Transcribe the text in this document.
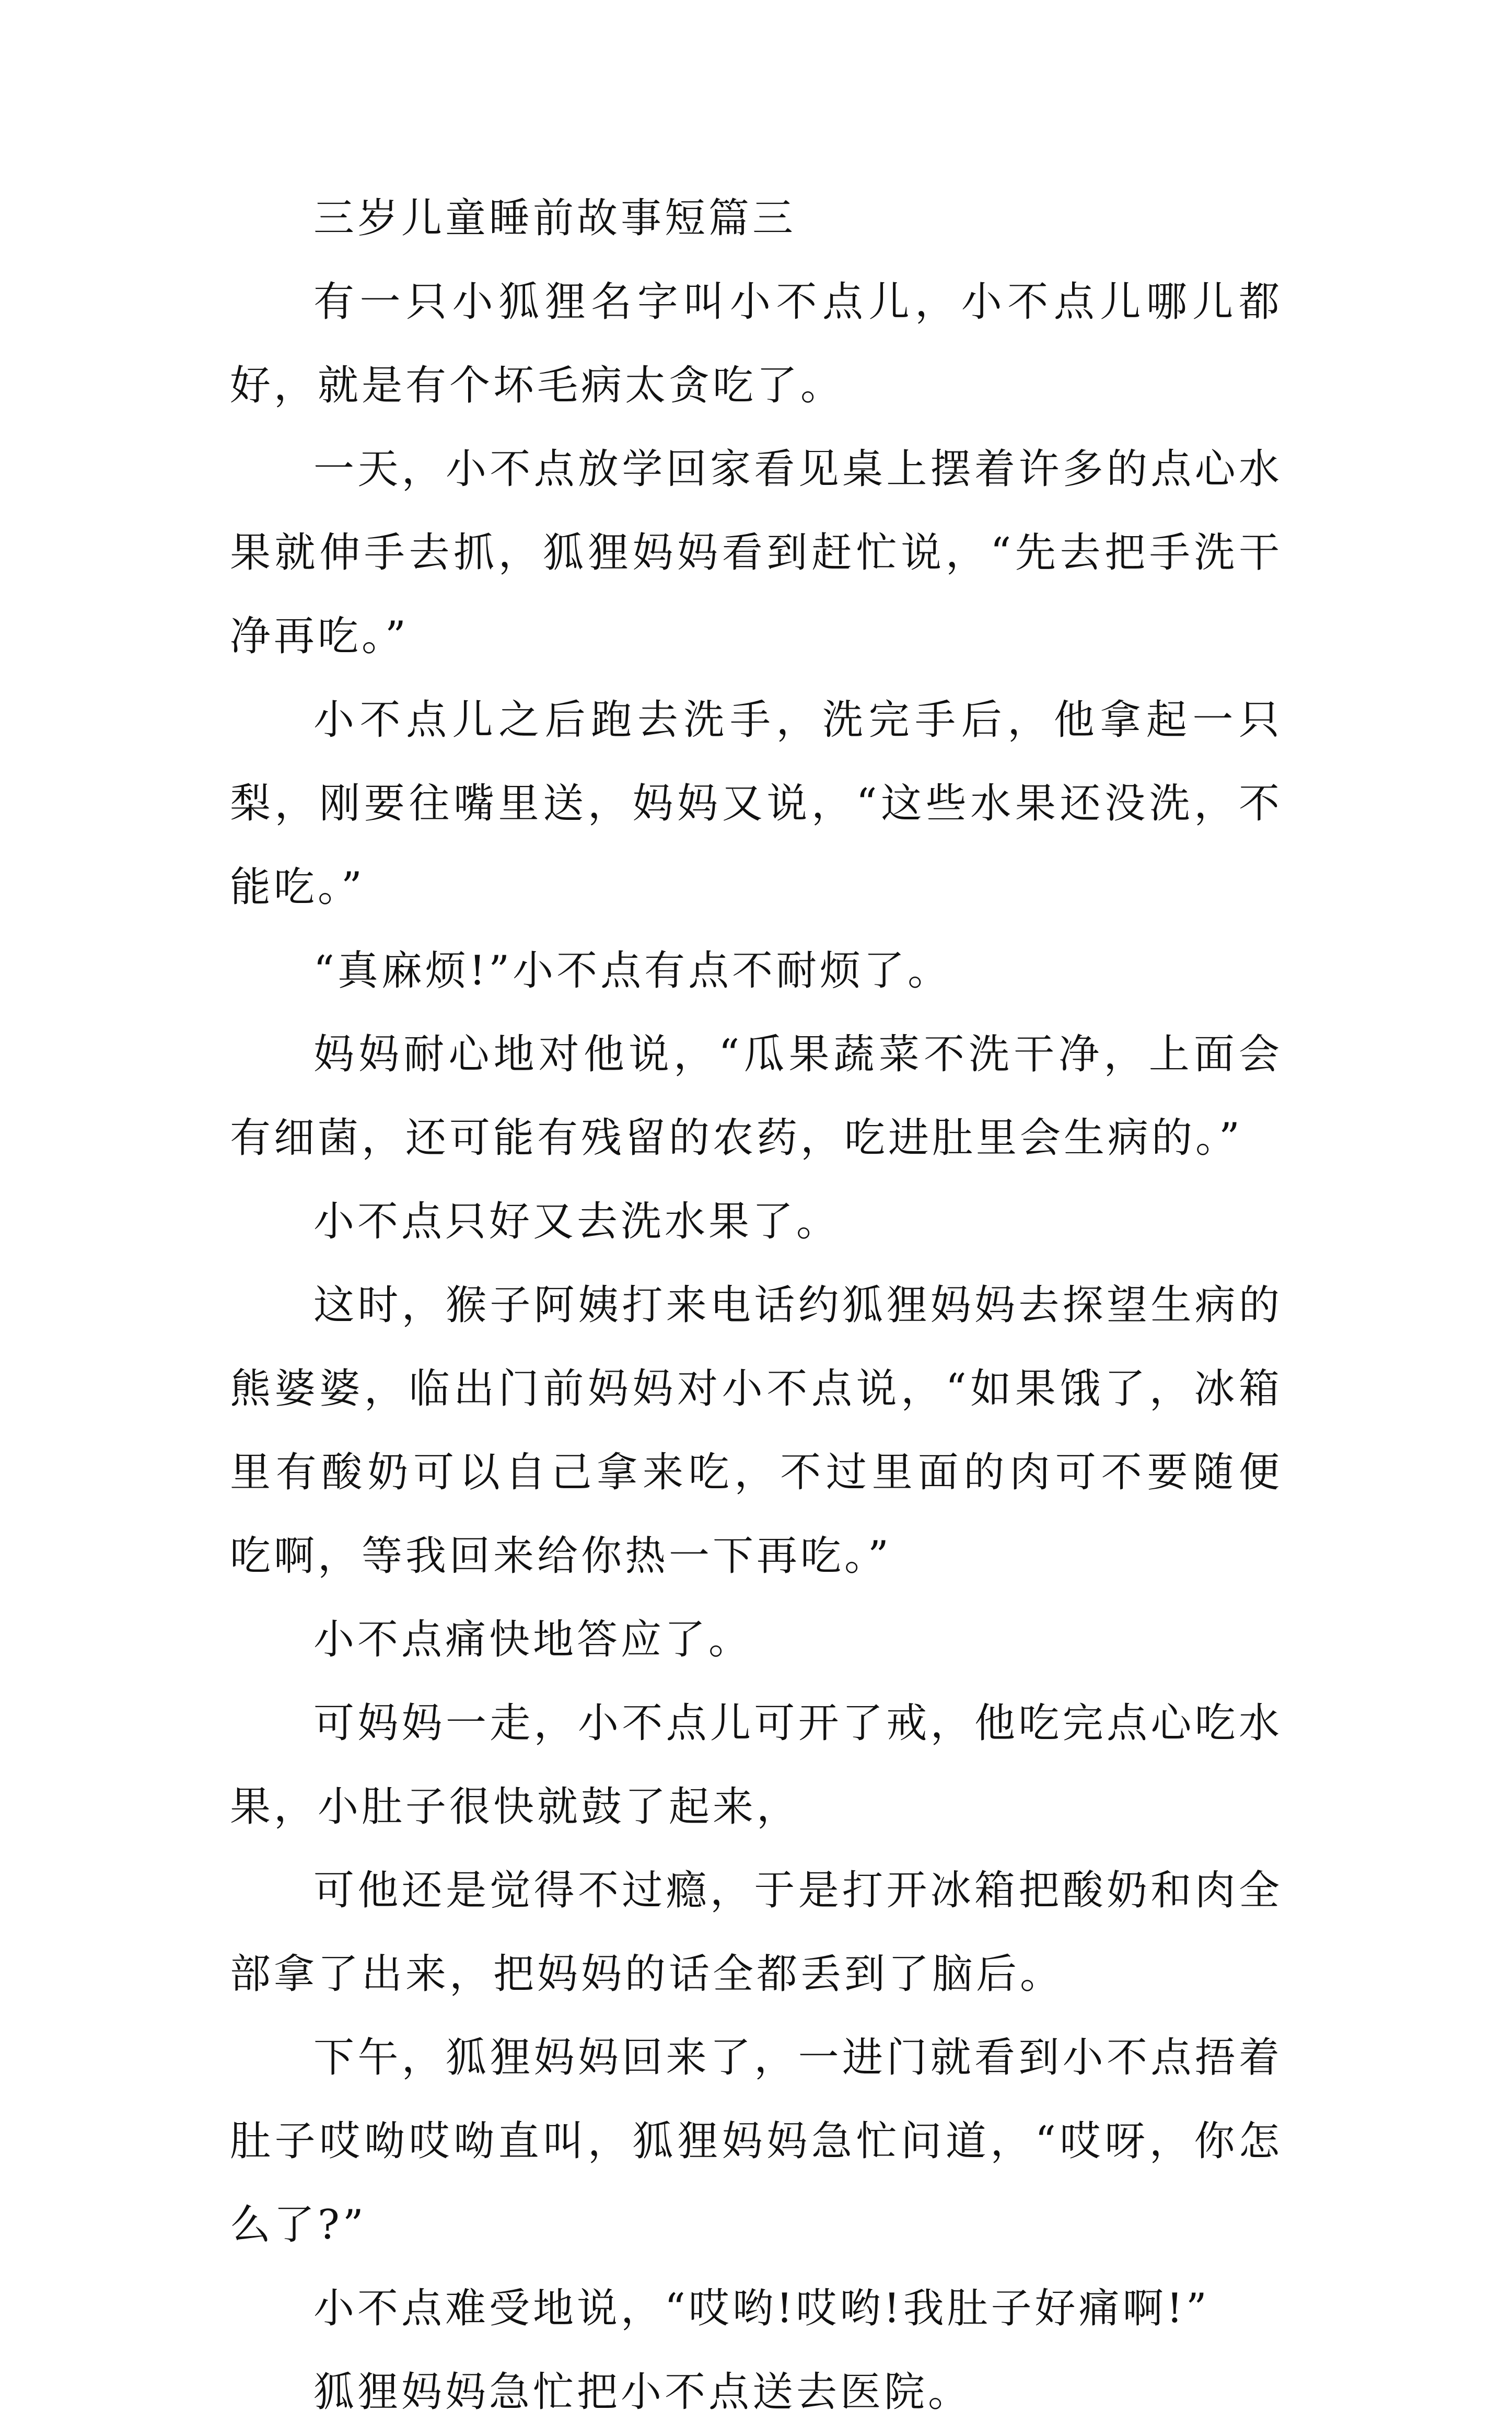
三岁儿童睡前故事短篇三

有一只小狐狸名字叫小不点儿，小不点儿哪儿都好，就是有个坏毛病太贪吃了。

一天，小不点放学回家看见桌上摆着许多的点心水果就伸手去抓，狐狸妈妈看到赶忙说，“先去把手洗干净再吃。”

小不点儿之后跑去洗手，洗完手后，他拿起一只梨，刚要往嘴里送，妈妈又说，“这些水果还没洗，不能吃。”

“真麻烦!”小不点有点不耐烦了。

妈妈耐心地对他说，“瓜果蔬菜不洗干净，上面会有细菌，还可能有残留的农药，吃进肚里会生病的。”

小不点只好又去洗水果了。

这时，猴子阿姨打来电话约狐狸妈妈去探望生病的熊婆婆，临出门前妈妈对小不点说，“如果饿了，冰箱里有酸奶可以自己拿来吃，不过里面的肉可不要随便吃啊，等我回来给你热一下再吃。”

小不点痛快地答应了。

可妈妈一走，小不点儿可开了戒，他吃完点心吃水果，小肚子很快就鼓了起来，

可他还是觉得不过瘾，于是打开冰箱把酸奶和肉全部拿了出来，把妈妈的话全都丢到了脑后。

下午，狐狸妈妈回来了，一进门就看到小不点捂着肚子哎呦哎呦直叫，狐狸妈妈急忙问道，“哎呀，你怎么了?”

小不点难受地说，“哎哟!哎哟!我肚子好痛啊!”

狐狸妈妈急忙把小不点送去医院。
